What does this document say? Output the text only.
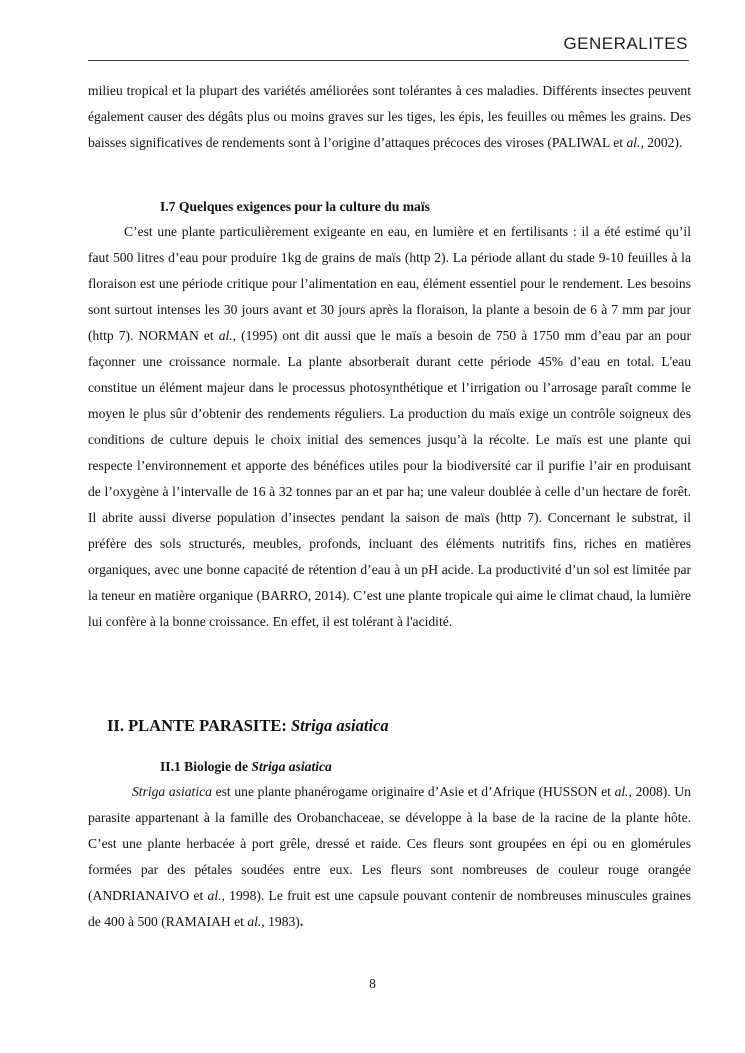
GENERALITES

milieu tropical et la plupart des variétés améliorées sont tolérantes à ces maladies. Différents insectes peuvent également causer des dégâts plus ou moins graves sur les tiges, les épis, les feuilles ou mêmes les grains. Des baisses significatives de rendements sont à l’origine d’attaques précoces des viroses (PALIWAL et al., 2002).

I.7 Quelques exigences pour la culture du maïs

C’est une plante particulièrement exigeante en eau, en lumière et en fertilisants : il a été estimé qu’il faut 500 litres d’eau pour produire 1kg de grains de maïs (http 2). La période allant du stade 9-10 feuilles à la floraison est une période critique pour l’alimentation en eau, élément essentiel pour le rendement. Les besoins sont surtout intenses les 30 jours avant et 30 jours après la floraison, la plante a besoin de 6 à 7 mm par jour (http 7). NORMAN et al., (1995) ont dit aussi que le maïs a besoin de 750 à 1750 mm d’eau par an pour façonner une croissance normale. La plante absorberait durant cette période 45% d’eau en total. L'eau constitue un élément majeur dans le processus photosynthétique et l’irrigation ou l’arrosage paraît comme le moyen le plus sûr d’obtenir des rendements réguliers. La production du maïs exige un contrôle soigneux des conditions de culture depuis le choix initial des semences jusqu’à la récolte. Le maïs est une plante qui respecte l’environnement et apporte des bénéfices utiles pour la biodiversité car il purifie l’air en produisant de l’oxygène à l’intervalle de 16 à 32 tonnes par an et par ha; une valeur doublée à celle d’un hectare de forêt. Il abrite aussi diverse population d’insectes pendant la saison de maïs (http 7). Concernant le substrat, il préfère des sols structurés, meubles, profonds, incluant des éléments nutritifs fins, riches en matières organiques, avec une bonne capacité de rétention d’eau à un pH acide. La productivité d’un sol est limitée par la teneur en matière organique (BARRO, 2014). C’est une plante tropicale qui aime le climat chaud, la lumière lui confère à la bonne croissance. En effet, il est tolérant à l'acidité.

II. PLANTE PARASITE: Striga asiatica
II.1 Biologie de Striga asiatica

Striga asiatica est une plante phanérogame originaire d’Asie et d’Afrique (HUSSON et al., 2008). Un parasite appartenant à la famille des Orobanchaceae, se développe à la base de la racine de la plante hôte. C’est une plante herbacée à port grêle, dressé et raide. Ces fleurs sont groupées en épi ou en glomérules formées par des pétales soudées entre eux. Les fleurs sont nombreuses de couleur rouge orangée (ANDRIANAIVO et al., 1998). Le fruit est une capsule pouvant contenir de nombreuses minuscules graines de 400 à 500 (RAMAIAH et al., 1983).

8
